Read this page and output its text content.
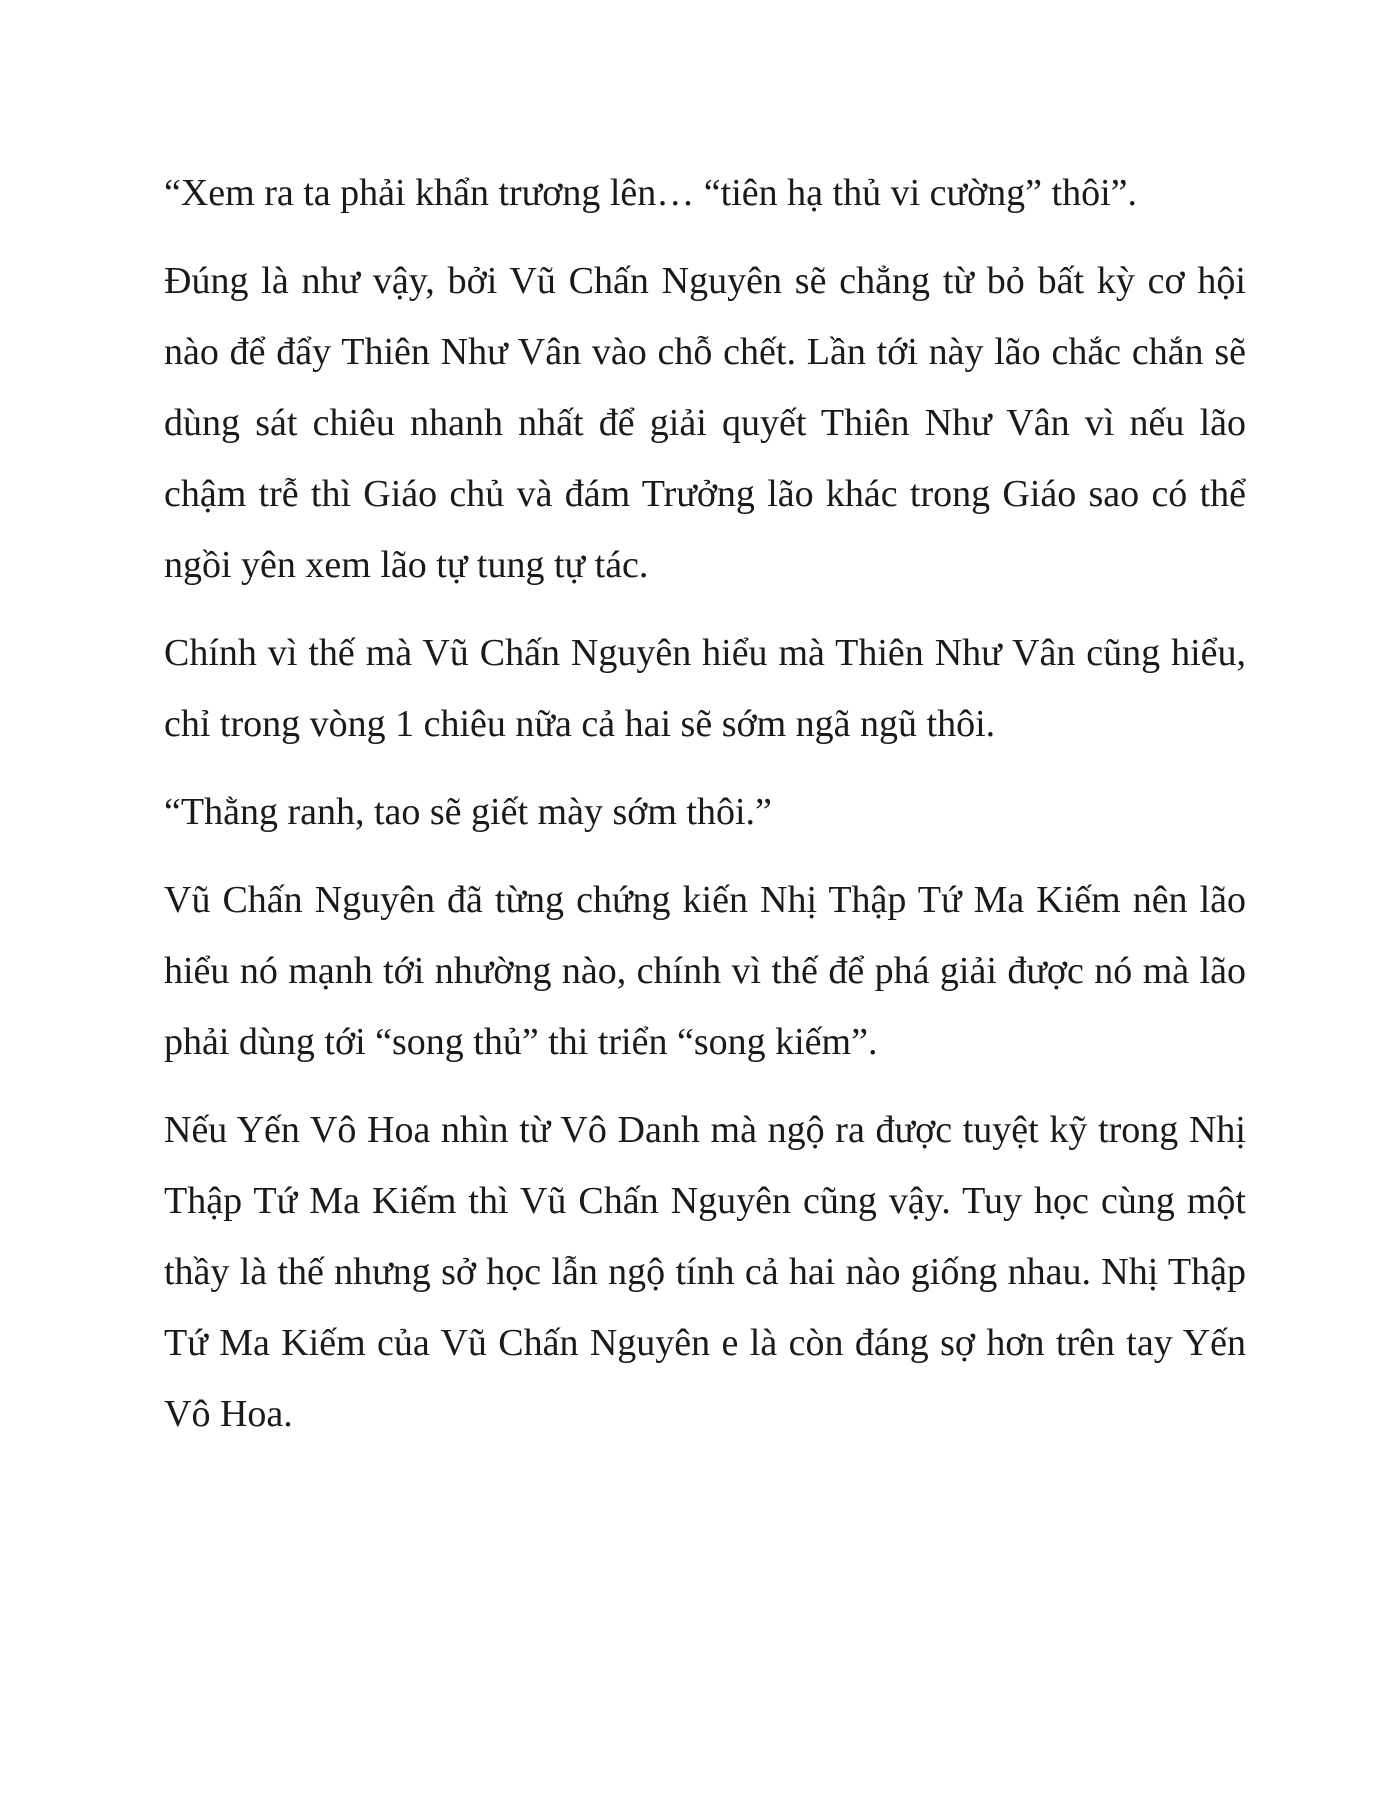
“Xem ra ta phải khẩn trương lên… “tiên hạ thủ vi cường” thôi”.

Đúng là như vậy, bởi Vũ Chấn Nguyên sẽ chẳng từ bỏ bất kỳ cơ hội nào để đẩy Thiên Như Vân vào chỗ chết. Lần tới này lão chắc chắn sẽ dùng sát chiêu nhanh nhất để giải quyết Thiên Như Vân vì nếu lão chậm trễ thì Giáo chủ và đám Trưởng lão khác trong Giáo sao có thể ngồi yên xem lão tự tung tự tác.

Chính vì thế mà Vũ Chấn Nguyên hiểu mà Thiên Như Vân cũng hiểu, chỉ trong vòng 1 chiêu nữa cả hai sẽ sớm ngã ngũ thôi.

“Thằng ranh, tao sẽ giết mày sớm thôi.”

Vũ Chấn Nguyên đã từng chứng kiến Nhị Thập Tứ Ma Kiếm nên lão hiểu nó mạnh tới nhường nào, chính vì thế để phá giải được nó mà lão phải dùng tới “song thủ” thi triển “song kiếm”.

Nếu Yến Vô Hoa nhìn từ Vô Danh mà ngộ ra được tuyệt kỹ trong Nhị Thập Tứ Ma Kiếm thì Vũ Chấn Nguyên cũng vậy. Tuy học cùng một thầy là thế nhưng sở học lẫn ngộ tính cả hai nào giống nhau. Nhị Thập Tứ Ma Kiếm của Vũ Chấn Nguyên e là còn đáng sợ hơn trên tay Yến Vô Hoa.
